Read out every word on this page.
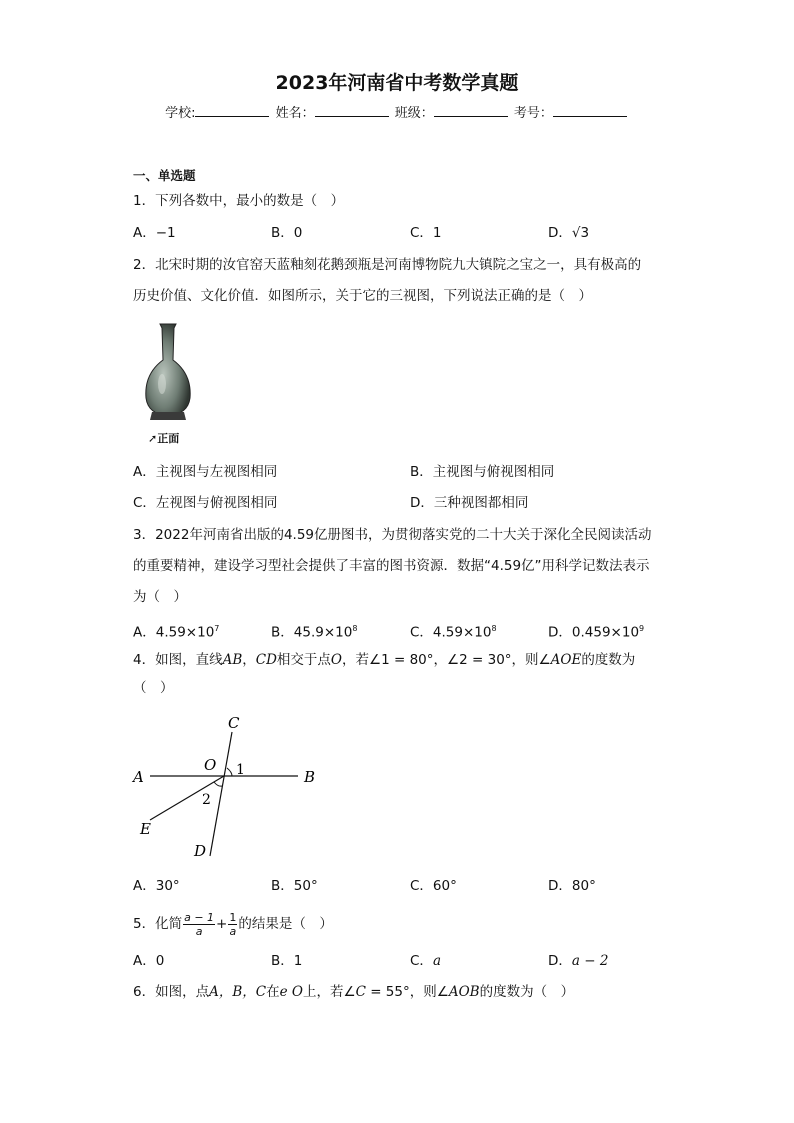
2023年河南省中考数学真题
学校:	姓名：	班级：	考号：
一、单选题
1．下列各数中，最小的数是（　）
A．−1	B．0	C．1	D．√3
2．北宋时期的汝官窑天蓝釉刻花鹅颈瓶是河南博物院九大镇院之宝之一，具有极高的
历史价值、文化价值．如图所示，关于它的三视图，下列说法正确的是（　）
➚正面
A．主视图与左视图相同	B．主视图与俯视图相同
C．左视图与俯视图相同	D．三种视图都相同
3．2022年河南省出版的4.59亿册图书，为贯彻落实党的二十大关于深化全民阅读活动
的重要精神，建设学习型社会提供了丰富的图书资源．数据“4.59亿”用科学记数法表示
为（　）
A．$4.59\times 10^7$	B．$45.9\times 10^8$	C．$4.59\times 10^8$	D．$0.459\times 10^9$
4．如图，直线AB，CD相交于点O，若∠1 = 80°，∠2 = 30°，则∠AOE的度数为
（　）
A	B
C
D
E
O 1
2
A．30°	B．50°	C．60°	D．80°
5．化简 $\frac{a - 1}{a} + \frac{1}{a}$ 的结果是（　）
A．0	B．1	C．a	D．a − 2
6．如图，点A，B，C在e O上，若∠C = 55°，则∠AOB的度数为（　）
